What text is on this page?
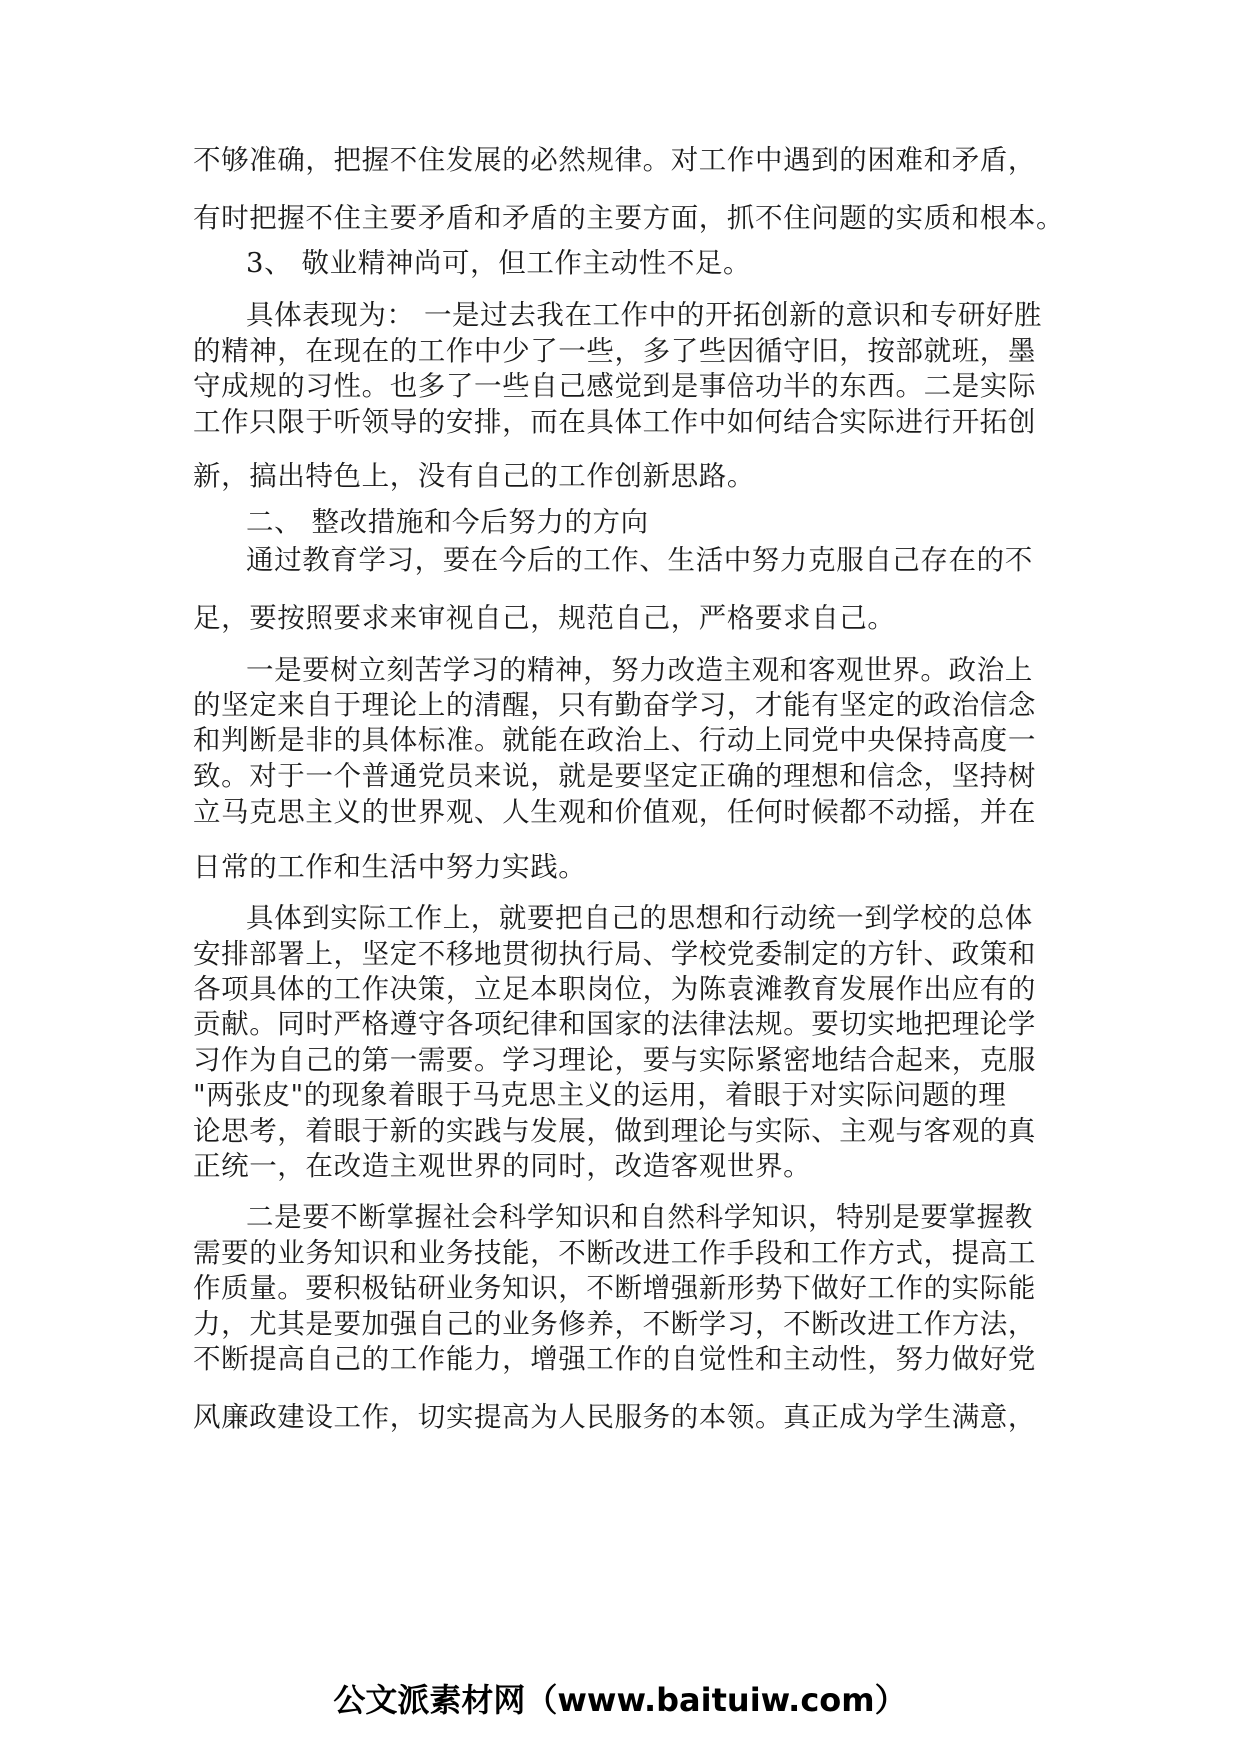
不够准确，把握不住发展的必然规律。对工作中遇到的困难和矛盾，
有时把握不住主要矛盾和矛盾的主要方面，抓不住问题的实质和根本。
3、 敬业精神尚可，但工作主动性不足。
具体表现为： 一是过去我在工作中的开拓创新的意识和专研好胜
的精神，在现在的工作中少了一些，多了些因循守旧，按部就班，墨
守成规的习性。也多了一些自己感觉到是事倍功半的东西。二是实际
工作只限于听领导的安排，而在具体工作中如何结合实际进行开拓创
新，搞出特色上，没有自己的工作创新思路。
二、 整改措施和今后努力的方向
通过教育学习，要在今后的工作、生活中努力克服自己存在的不
足，要按照要求来审视自己，规范自己，严格要求自己。
一是要树立刻苦学习的精神，努力改造主观和客观世界。政治上
的坚定来自于理论上的清醒，只有勤奋学习，才能有坚定的政治信念
和判断是非的具体标准。就能在政治上、行动上同党中央保持高度一
致。对于一个普通党员来说，就是要坚定正确的理想和信念，坚持树
立马克思主义的世界观、人生观和价值观，任何时候都不动摇，并在
日常的工作和生活中努力实践。
具体到实际工作上，就要把自己的思想和行动统一到学校的总体
安排部署上，坚定不移地贯彻执行局、学校党委制定的方针、政策和
各项具体的工作决策，立足本职岗位，为陈袁滩教育发展作出应有的
贡献。同时严格遵守各项纪律和国家的法律法规。要切实地把理论学
习作为自己的第一需要。学习理论，要与实际紧密地结合起来，克服
"两张皮"的现象着眼于马克思主义的运用，着眼于对实际问题的理
论思考，着眼于新的实践与发展，做到理论与实际、主观与客观的真
正统一，在改造主观世界的同时，改造客观世界。
二是要不断掌握社会科学知识和自然科学知识，特别是要掌握教
需要的业务知识和业务技能，不断改进工作手段和工作方式，提高工
作质量。要积极钻研业务知识，不断增强新形势下做好工作的实际能
力，尤其是要加强自己的业务修养，不断学习，不断改进工作方法，
不断提高自己的工作能力，增强工作的自觉性和主动性，努力做好党
风廉政建设工作，切实提高为人民服务的本领。真正成为学生满意，
公文派素材网（www.baituiw.com）
